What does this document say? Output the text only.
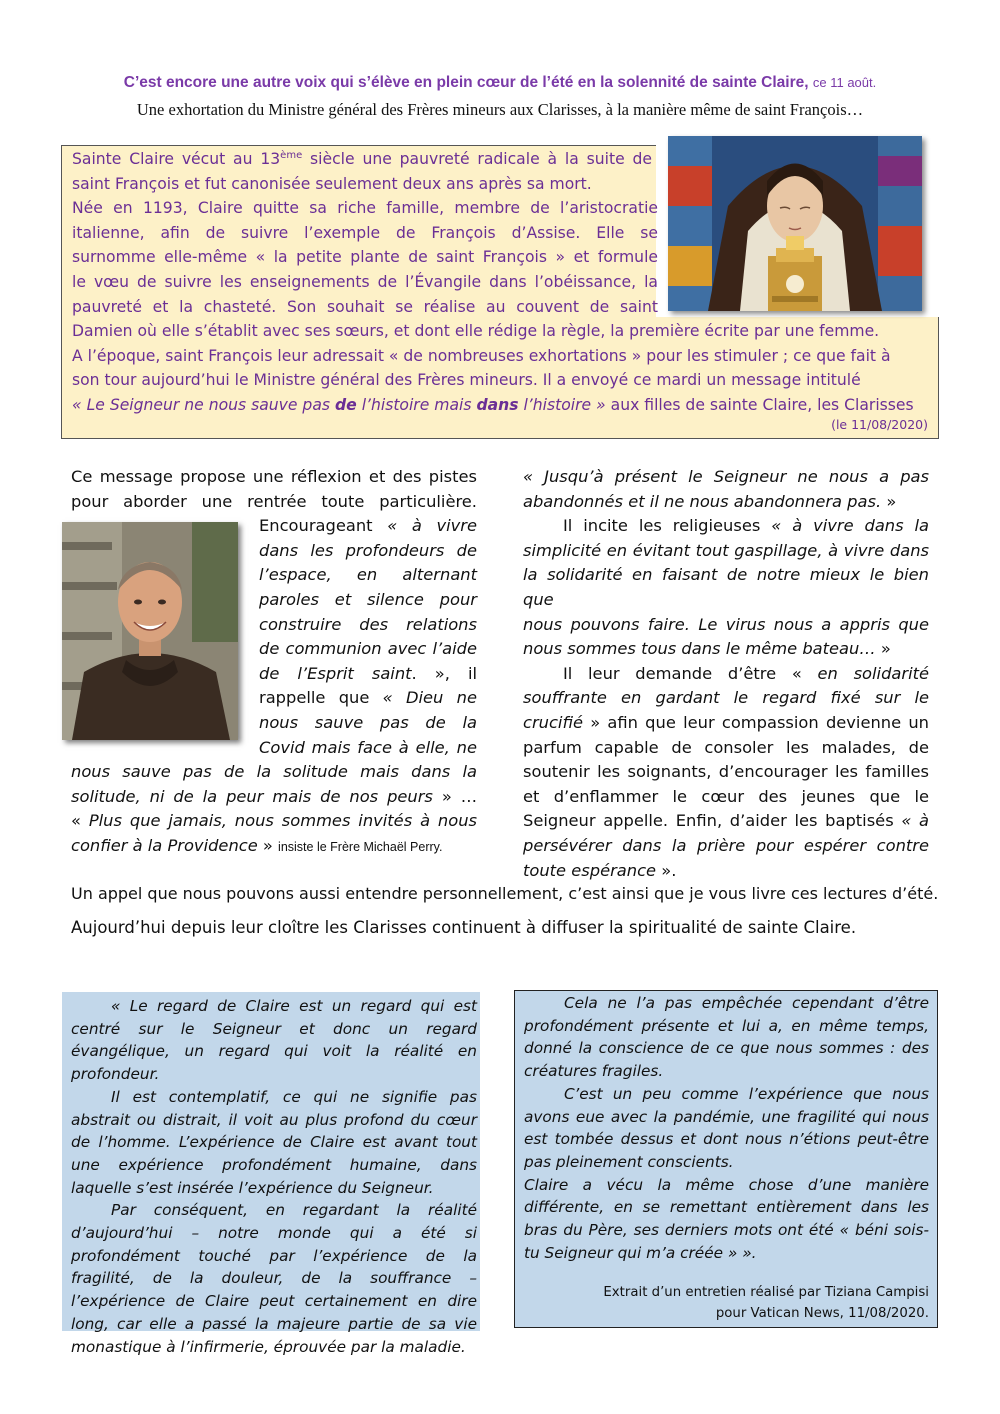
C’est encore une autre voix qui s’élève en plein cœur de l’été en la solennité de sainte Claire, ce 11 août.
Une exhortation du Ministre général des Frères mineurs aux Clarisses, à la manière même de saint François…
Sainte Claire vécut au 13ème siècle une pauvreté radicale à la suite de
saint François et fut canonisée seulement deux ans après sa mort.
Née en 1193, Claire quitte sa riche famille, membre de l’aristocratie
italienne, afin de suivre l’exemple de François d’Assise. Elle se
surnomme elle-même « la petite plante de saint François » et formule
le vœu de suivre les enseignements de l’Évangile dans l’obéissance, la
pauvreté et la chasteté. Son souhait se réalise au couvent de saint
Damien où elle s’établit avec ses sœurs, et dont elle rédige la règle, la première écrite par une femme.
A l’époque, saint François leur adressait « de nombreuses exhortations » pour les stimuler ; ce que fait à
son tour aujourd’hui le Ministre général des Frères mineurs. Il a envoyé ce mardi un message intitulé
« Le Seigneur ne nous sauve pas de l’histoire mais dans l’histoire » aux filles de sainte Claire, les Clarisses
(le 11/08/2020)
Ce message propose une réflexion et des pistes
pour aborder une rentrée toute particulière.
Encourageant « à vivre
dans les profondeurs de
l’espace, en alternant
paroles et silence pour
construire des relations
de communion avec l’aide
de l’Esprit saint. », il
rappelle que « Dieu ne
nous sauve pas de la
Covid mais face à elle, ne
nous sauve pas de la solitude mais dans la
solitude, ni de la peur mais de nos peurs » …
« Plus que jamais, nous sommes invités à nous
confier à la Providence » insiste le Frère Michaël Perry.
« Jusqu’à présent le Seigneur ne nous a pas
abandonnés et il ne nous abandonnera pas. »
Il incite les religieuses « à vivre dans la
simplicité en évitant tout gaspillage, à vivre dans
la solidarité en faisant de notre mieux le bien que
nous pouvons faire. Le virus nous a appris que
nous sommes tous dans le même bateau… »
Il leur demande d’être « en solidarité
souffrante en gardant le regard fixé sur le
crucifié » afin que leur compassion devienne un
parfum capable de consoler les malades, de
soutenir les soignants, d’encourager les familles
et d’enflammer le cœur des jeunes que le
Seigneur appelle. Enfin, d’aider les baptisés « à
persévérer dans la prière pour espérer contre
toute espérance ».
Un appel que nous pouvons aussi entendre personnellement, c’est ainsi que je vous livre ces lectures d’été.
Aujourd’hui depuis leur cloître les Clarisses continuent à diffuser la spiritualité de sainte Claire.

« Le regard de Claire est un regard qui est centré sur le Seigneur et donc un regard évangélique, un regard qui voit la réalité en profondeur.

Il est contemplatif, ce qui ne signifie pas abstrait ou distrait, il voit au plus profond du cœur de l’homme. L’expérience de Claire est avant tout une expérience profondément humaine, dans laquelle s’est insérée l’expérience du Seigneur.

Par conséquent, en regardant la réalité d’aujourd’hui – notre monde qui a été si profondément touché par l’expérience de la fragilité, de la douleur, de la souffrance – l’expérience de Claire peut certainement en dire long, car elle a passé la majeure partie de sa vie monastique à l’infirmerie, éprouvée par la maladie.

Cela ne l’a pas empêchée cependant d’être profondément présente et lui a, en même temps, donné la conscience de ce que nous sommes : des créatures fragiles.

C’est un peu comme l’expérience que nous avons eue avec la pandémie, une fragilité qui nous est tombée dessus et dont nous n’étions peut-être pas pleinement conscients.

Claire a vécu la même chose d’une manière différente, en se remettant entièrement dans les bras du Père, ses derniers mots ont été « béni sois-tu Seigneur qui m’a créée » ».

Extrait d’un entretien réalisé par Tiziana Campisi
pour Vatican News, 11/08/2020.
